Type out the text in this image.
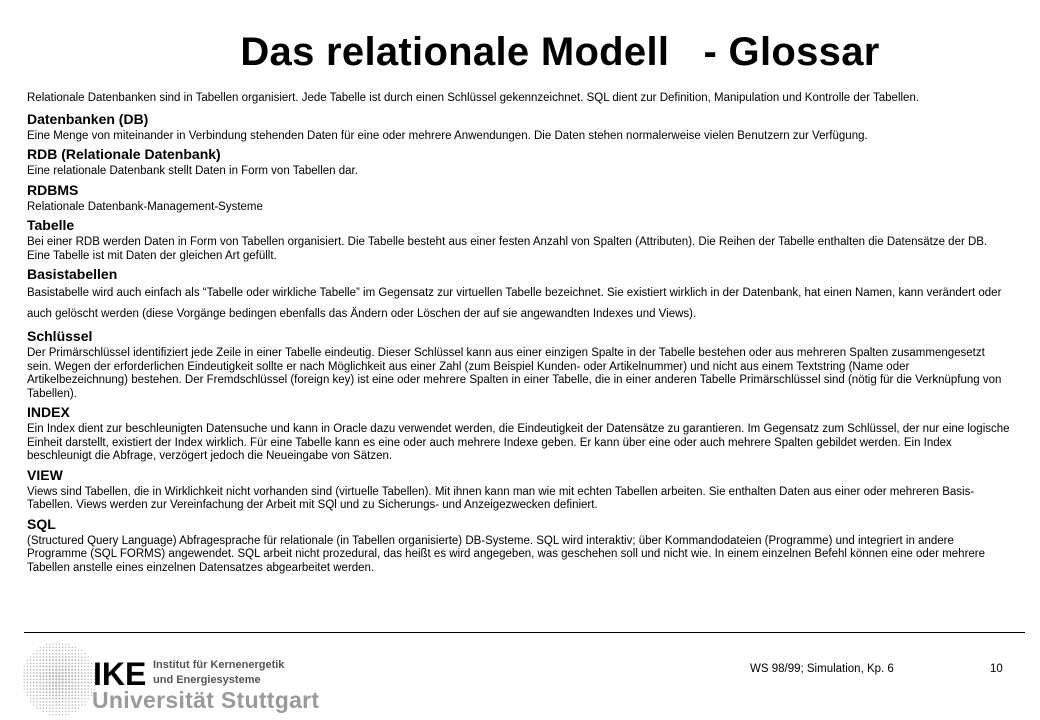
Das relationale Modell   - Glossar

Relationale Datenbanken sind in Tabellen organisiert. Jede Tabelle ist durch einen Schlüssel gekennzeichnet. SQL dient zur Definition, Manipulation und Kontrolle der Tabellen.

Datenbanken (DB)

Eine Menge von miteinander in Verbindung stehenden Daten für eine oder mehrere Anwendungen. Die Daten stehen normalerweise vielen Benutzern zur Verfügung.

RDB (Relationale Datenbank)

Eine relationale Datenbank stellt Daten in Form von Tabellen dar.

RDBMS

Relationale Datenbank-Management-Systeme

Tabelle

Bei einer RDB werden Daten in Form von Tabellen organisiert. Die Tabelle besteht aus einer festen Anzahl von Spalten (Attributen). Die Reihen der Tabelle enthalten die Datensätze der DB. Eine Tabelle ist mit Daten der gleichen Art gefüllt.

Basistabellen

Basistabelle wird auch einfach als “Tabelle oder wirkliche Tabelle” im Gegensatz zur virtuellen Tabelle bezeichnet. Sie existiert wirklich in der Datenbank, hat einen Namen, kann verändert oder auch gelöscht werden (diese Vorgänge bedingen ebenfalls das Ändern oder Löschen der auf sie angewandten Indexes und Views).

Schlüssel

Der Primärschlüssel identifiziert jede Zeile in einer Tabelle eindeutig. Dieser Schlüssel kann aus einer einzigen Spalte in der Tabelle bestehen oder aus mehreren Spalten zusammengesetzt sein. Wegen der erforderlichen Eindeutigkeit sollte er nach Möglichkeit aus einer Zahl (zum Beispiel Kunden- oder Artikelnummer) und nicht aus einem Textstring (Name oder Artikelbezeichnung) bestehen. Der Fremdschlüssel (foreign key) ist eine oder mehrere Spalten in einer Tabelle, die in einer anderen Tabelle Primärschlüssel sind (nötig für die Verknüpfung von Tabellen).

INDEX

Ein Index dient zur beschleunigten Datensuche und kann in Oracle dazu verwendet werden, die Eindeutigkeit der Datensätze zu garantieren. Im Gegensatz zum Schlüssel, der nur eine logische Einheit darstellt, existiert der Index wirklich. Für eine Tabelle kann es eine oder auch mehrere Indexe geben. Er kann über eine oder auch mehrere Spalten gebildet werden. Ein Index beschleunigt die Abfrage, verzögert jedoch die Neueingabe von Sätzen.

VIEW

Views sind Tabellen, die in Wirklichkeit nicht vorhanden sind (virtuelle Tabellen). Mit ihnen kann man wie mit echten Tabellen arbeiten. Sie enthalten Daten aus einer oder mehreren Basis-Tabellen. Views werden zur Vereinfachung der Arbeit mit SQl und zu Sicherungs- und Anzeigezwecken definiert.

SQL

(Structured Query Language) Abfragesprache für relationale (in Tabellen organisierte) DB-Systeme. SQL wird interaktiv; über Kommandodateien (Programme) und integriert in andere Programme (SQL FORMS) angewendet. SQL arbeit nicht prozedural, das heißt es wird angegeben, was geschehen soll und nicht wie. In einem einzelnen Befehl können eine oder mehrere Tabellen anstelle eines einzelnen Datensatzes abgearbeitet werden.

IKE Institut für Kernenergetik
und Energiesysteme
Universität Stuttgart
WS 98/99; Simulation, Kp. 6	10
